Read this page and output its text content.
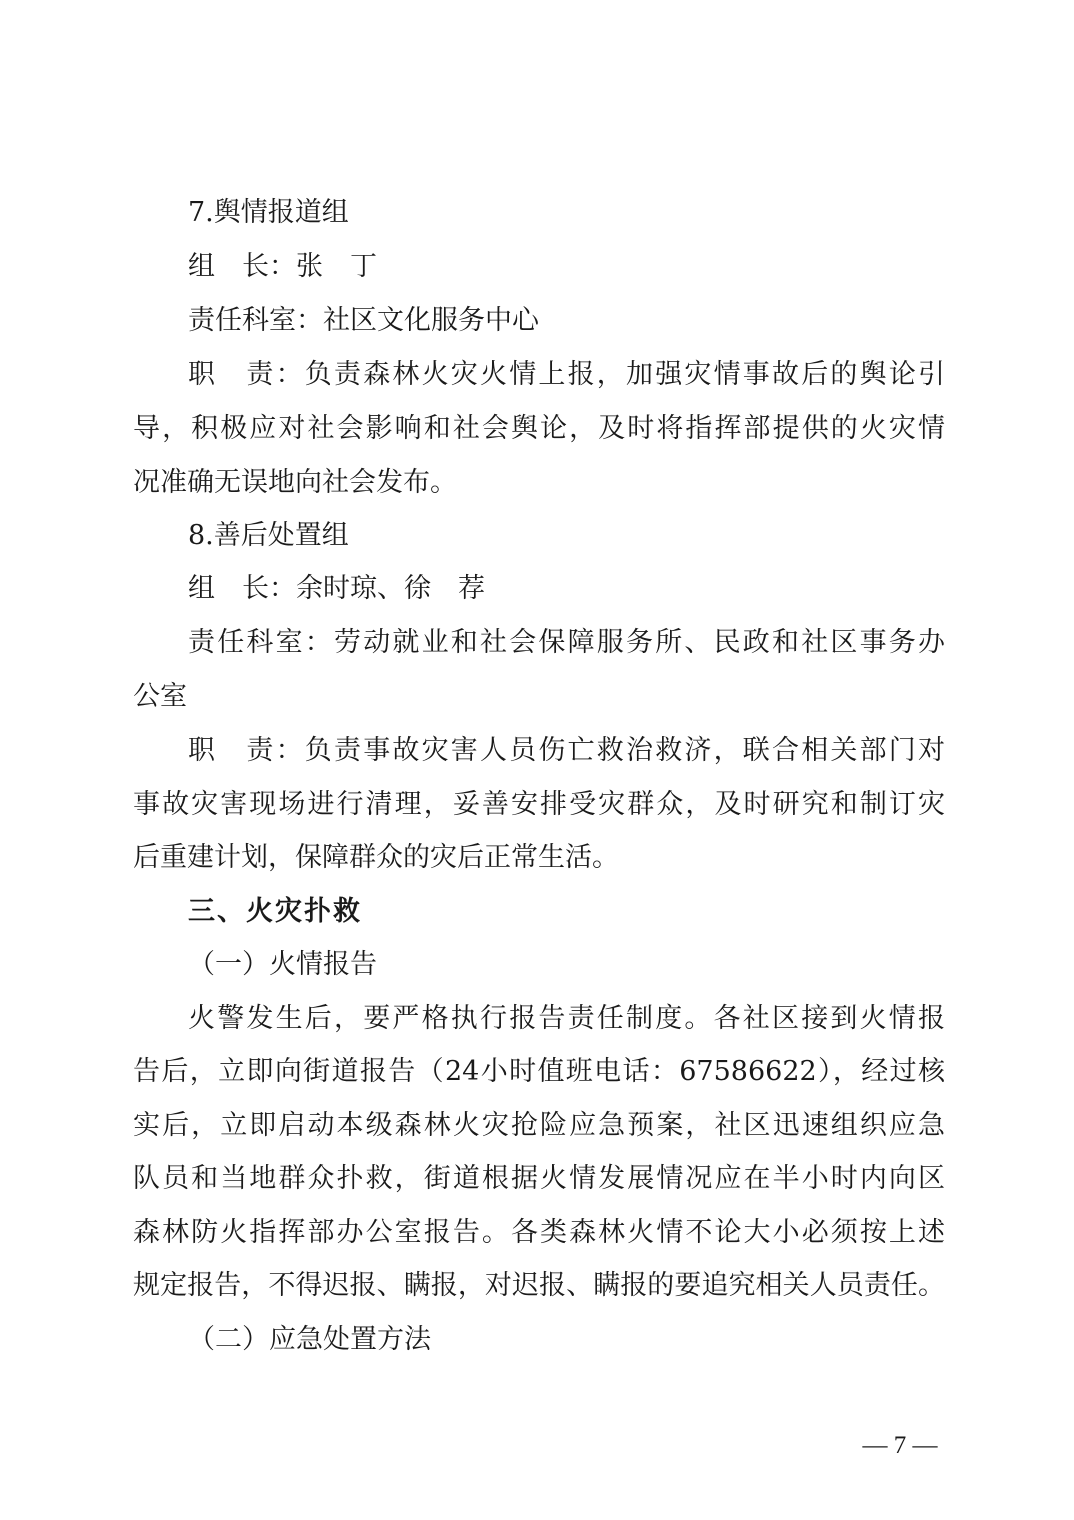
7.舆情报道组
组　长：张　丁
责任科室：社区文化服务中心
职　责：负责森林火灾火情上报，加强灾情事故后的舆论引
导，积极应对社会影响和社会舆论，及时将指挥部提供的火灾情
况准确无误地向社会发布。
8.善后处置组
组　长：余时琼、徐　荐
责任科室：劳动就业和社会保障服务所、民政和社区事务办
公室
职　责：负责事故灾害人员伤亡救治救济，联合相关部门对
事故灾害现场进行清理，妥善安排受灾群众，及时研究和制订灾
后重建计划，保障群众的灾后正常生活。
三、火灾扑救
（一）火情报告
火警发生后，要严格执行报告责任制度。各社区接到火情报
告后，立即向街道报告（24小时值班电话：67586622），经过核
实后，立即启动本级森林火灾抢险应急预案，社区迅速组织应急
队员和当地群众扑救，街道根据火情发展情况应在半小时内向区
森林防火指挥部办公室报告。各类森林火情不论大小必须按上述
规定报告，不得迟报、瞒报，对迟报、瞒报的要追究相关人员责任。
（二）应急处置方法
— 7 —
